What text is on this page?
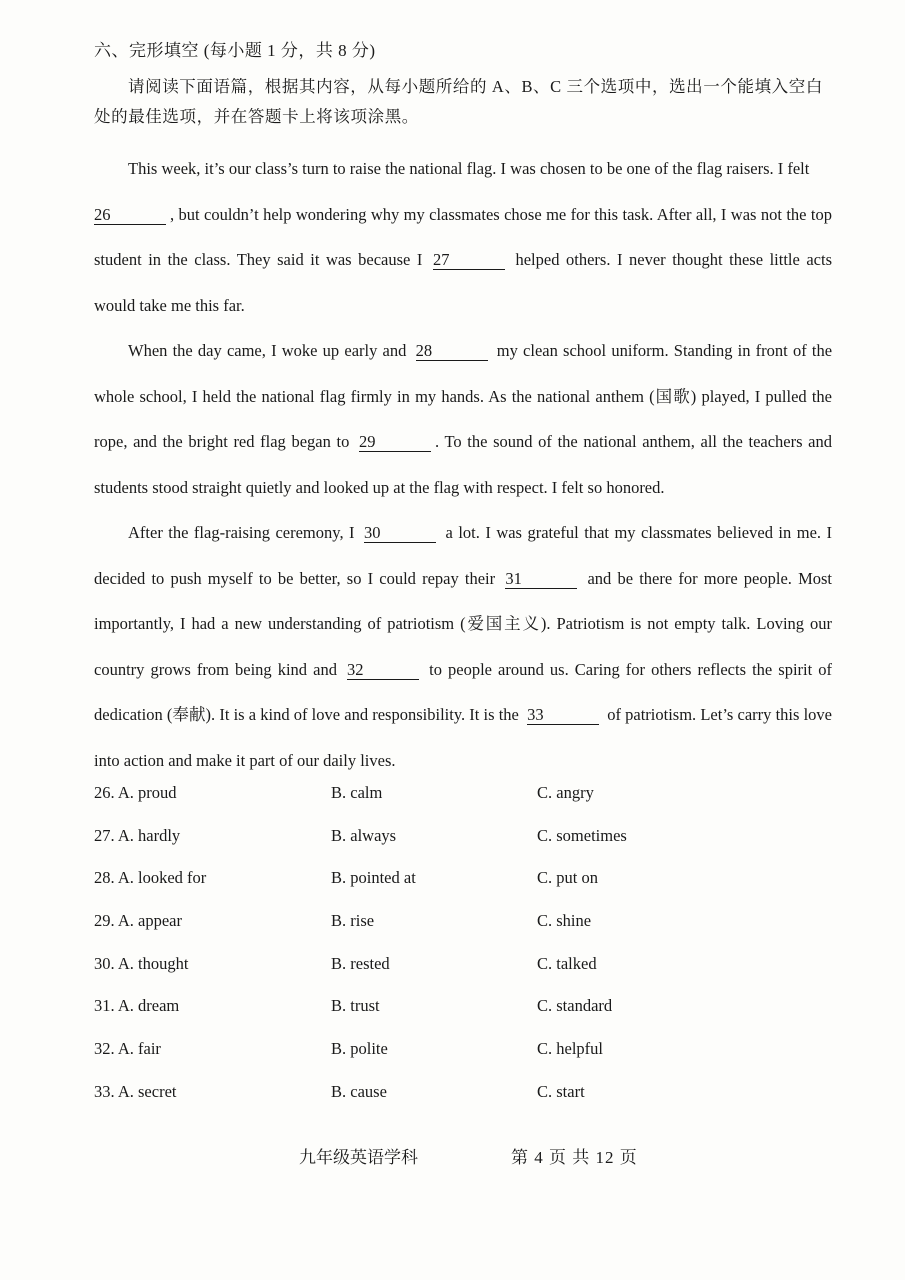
六、完形填空 (每小题 1 分，共 8 分)
请阅读下面语篇，根据其内容，从每小题所给的 A、B、C 三个选项中，选出一个能填入空白处的最佳选项，并在答题卡上将该项涂黑。

This week, it’s our class’s turn to raise the national flag. I was chosen to be one of the flag raisers. I felt
26	, but couldn’t help wondering why my classmates chose me for this task. After all, I was not the top student in the class. They said it was because I 27	helped others. I never thought these little acts would take me this far.

When the day came, I woke up early and 28	my clean school uniform. Standing in front of the whole school, I held the national flag firmly in my hands. As the national anthem (国歌) played, I pulled the rope, and the bright red flag began to 29	. To the sound of the national anthem, all the teachers and students stood straight quietly and looked up at the flag with respect. I felt so honored.

After the flag-raising ceremony, I 30	a lot. I was grateful that my classmates believed in me. I decided to push myself to be better, so I could repay their 31	and be there for more people. Most importantly, I had a new understanding of patriotism (爱国主义). Patriotism is not empty talk. Loving our country grows from being kind and 32	to people around us. Caring for others reflects the spirit of dedication (奉献). It is a kind of love and responsibility. It is the 33	of patriotism. Let’s carry this love into action and make it part of our daily lives.

26. A. proud	B. calm	C. angry
27. A. hardly	B. always	C. sometimes
28. A. looked for	B. pointed at	C. put on
29. A. appear	B. rise	C. shine
30. A. thought	B. rested	C. talked
31. A. dream	B. trust	C. standard
32. A. fair	B. polite	C. helpful
33. A. secret	B. cause	C. start
九年级英语学科	第 4 页 共 12 页
